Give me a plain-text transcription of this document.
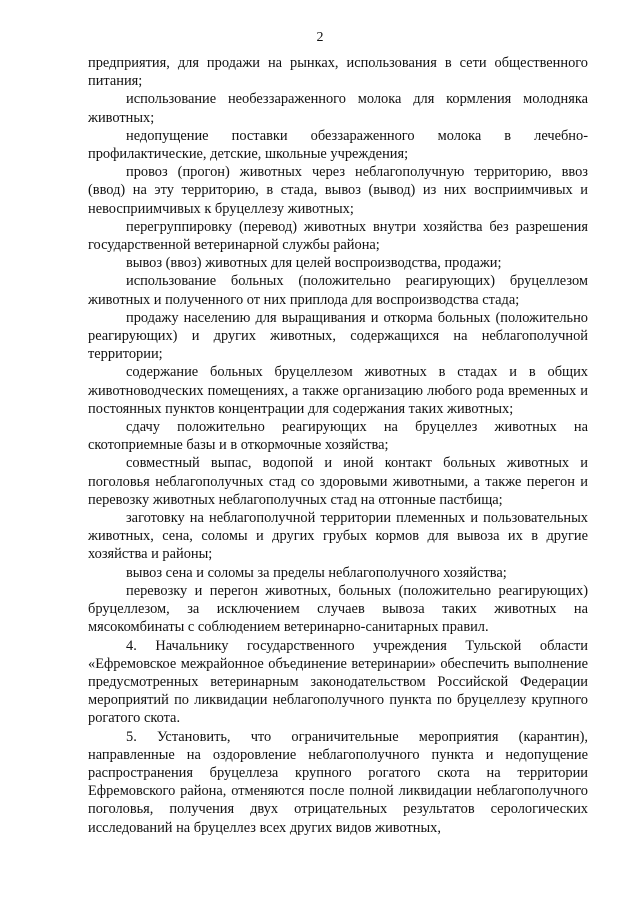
2

предприятия, для продажи на рынках, использования в сети общественного питания;

использование необеззараженного молока для кормления молодняка животных;

недопущение поставки обеззараженного молока в лечебно-профилактические, детские, школьные учреждения;

провоз (прогон) животных через неблагополучную территорию, ввоз (ввод) на эту территорию, в стада, вывоз (вывод) из них восприимчивых и невосприимчивых к бруцеллезу животных;

перегруппировку (перевод) животных внутри хозяйства без разрешения государственной ветеринарной службы района;

вывоз (ввоз) животных для целей воспроизводства, продажи;

использование больных (положительно реагирующих) бруцеллезом животных и полученного от них приплода для воспроизводства стада;

продажу населению для выращивания и откорма больных (положительно реагирующих) и других животных, содержащихся на неблагополучной территории;

содержание больных бруцеллезом животных в стадах и в общих животноводческих помещениях, а также организацию любого рода временных и постоянных пунктов концентрации для содержания таких животных;

сдачу положительно реагирующих на бруцеллез животных на скотоприемные базы и в откормочные хозяйства;

совместный выпас, водопой и иной контакт больных животных и поголовья неблагополучных стад со здоровыми животными, а также перегон и перевозку животных неблагополучных стад на отгонные пастбища;

заготовку на неблагополучной территории племенных и пользовательных животных, сена, соломы и других грубых кормов для вывоза их в другие хозяйства и районы;

вывоз сена и соломы за пределы неблагополучного хозяйства;

перевозку и перегон животных, больных (положительно реагирующих) бруцеллезом, за исключением случаев вывоза таких животных на мясокомбинаты с соблюдением ветеринарно-санитарных правил.

4. Начальнику государственного учреждения Тульской области «Ефремовское межрайонное объединение ветеринарии» обеспечить выполнение предусмотренных ветеринарным законодательством Российской Федерации мероприятий по ликвидации неблагополучного пункта по бруцеллезу крупного рогатого скота.

5. Установить, что ограничительные мероприятия (карантин), направленные на оздоровление неблагополучного пункта и недопущение распространения бруцеллеза крупного рогатого скота на территории Ефремовского района, отменяются после полной ликвидации неблагополучного поголовья, получения двух отрицательных результатов серологических исследований на бруцеллез всех других видов животных,
